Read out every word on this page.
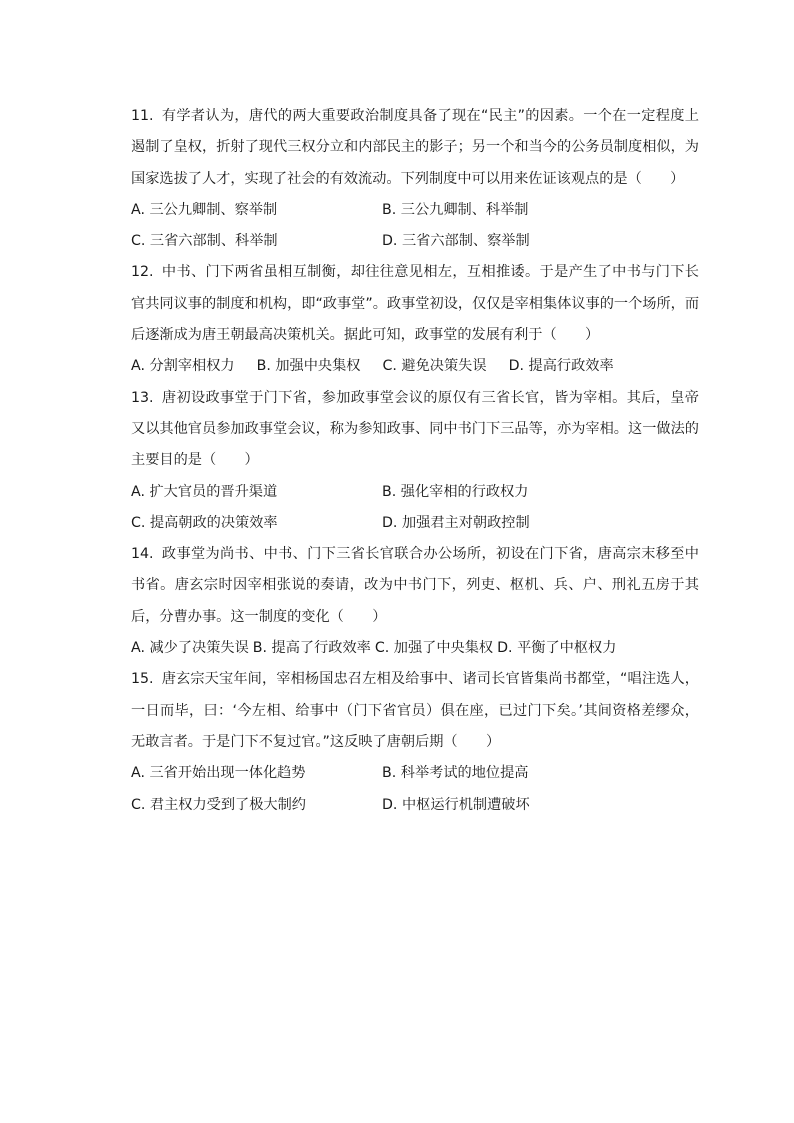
11. 有学者认为，唐代的两大重要政治制度具备了现在“民主”的因素。一个在一定程度上遏制了皇权，折射了现代三权分立和内部民主的影子；另一个和当今的公务员制度相似，为国家选拔了人才，实现了社会的有效流动。下列制度中可以用来佐证该观点的是（　　）

A. 三公九卿制、察举制	B. 三公九卿制、科举制
C. 三省六部制、科举制	D. 三省六部制、察举制

12. 中书、门下两省虽相互制衡，却往往意见相左，互相推诿。于是产生了中书与门下长官共同议事的制度和机构，即“政事堂”。政事堂初设，仅仅是宰相集体议事的一个场所，而后逐渐成为唐王朝最高决策机关。据此可知，政事堂的发展有利于（　　）

A. 分割宰相权力 B. 加强中央集权 C. 避免决策失误 D. 提高行政效率

13. 唐初设政事堂于门下省，参加政事堂会议的原仅有三省长官，皆为宰相。其后，皇帝又以其他官员参加政事堂会议，称为参知政事、同中书门下三品等，亦为宰相。这一做法的主要目的是（　　）

A. 扩大官员的晋升渠道	B. 强化宰相的行政权力
C. 提高朝政的决策效率	D. 加强君主对朝政控制

14. 政事堂为尚书、中书、门下三省长官联合办公场所，初设在门下省，唐高宗末移至中书省。唐玄宗时因宰相张说的奏请，改为中书门下，列吏、枢机、兵、户、刑礼五房于其后，分曹办事。这一制度的变化（　　）

A. 减少了决策失误 B. 提高了行政效率 C. 加强了中央集权 D. 平衡了中枢权力

15. 唐玄宗天宝年间，宰相杨国忠召左相及给事中、诸司长官皆集尚书都堂，“唱注选人，一日而毕，曰：‘今左相、给事中（门下省官员）俱在座，已过门下矣。’其间资格差缪众，无敢言者。于是门下不复过官。”这反映了唐朝后期（　　）

A. 三省开始出现一体化趋势	B. 科举考试的地位提高
C. 君主权力受到了极大制约	D. 中枢运行机制遭破坏
